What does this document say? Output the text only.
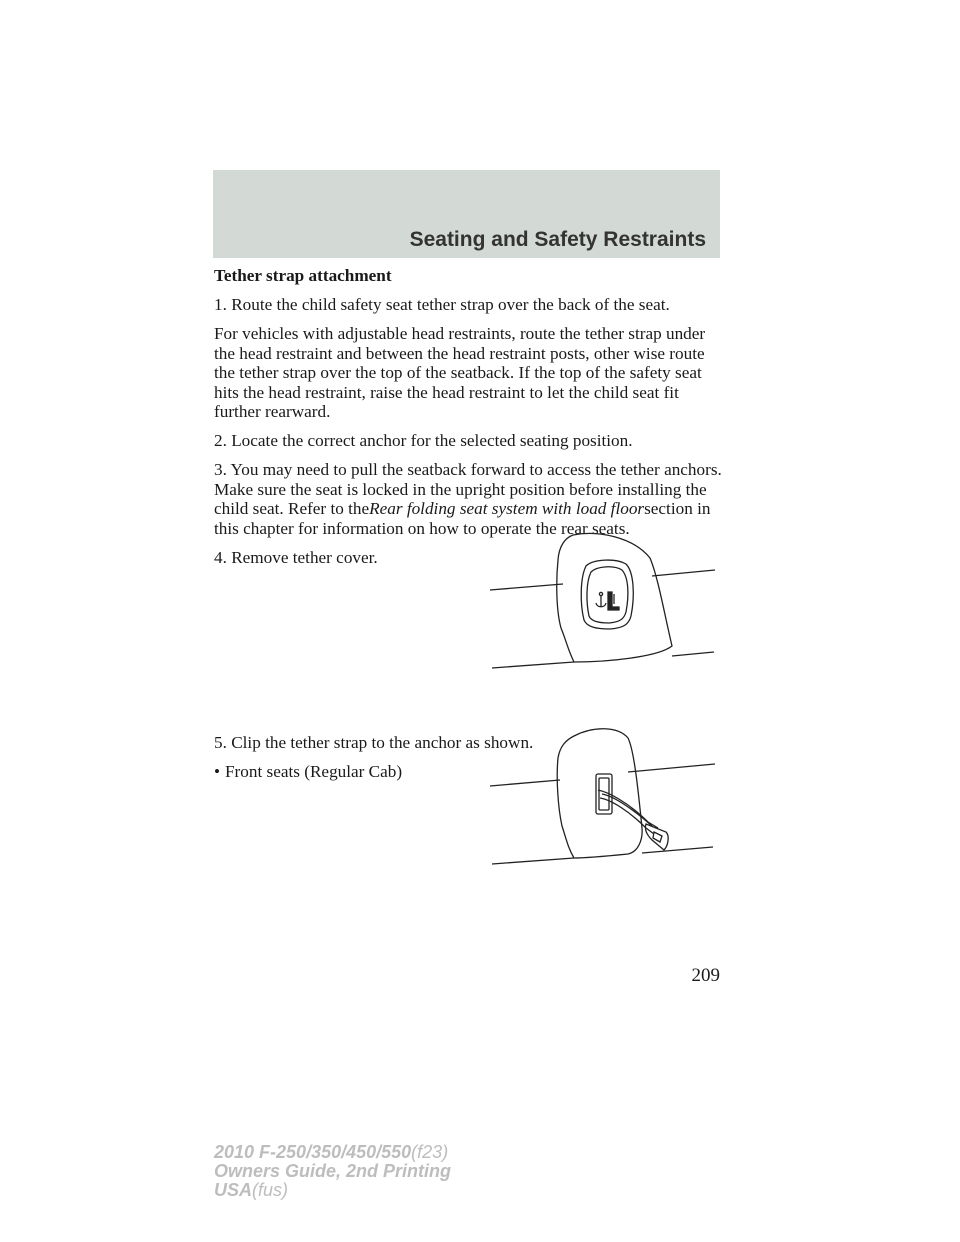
Seating and Safety Restraints
Tether strap attachment

1. Route the child safety seat tether strap over the back of the seat.

For vehicles with adjustable head restraints, route the tether strap under the head restraint and between the head restraint posts, other wise route the tether strap over the top of the seatback. If the top of the safety seat hits the head restraint, raise the head restraint to let the child seat fit further rearward.

2. Locate the correct anchor for the selected seating position.

3. You may need to pull the seatback forward to access the tether anchors. Make sure the seat is locked in the upright position before installing the child seat. Refer to theRear folding seat system with load floorsection in this chapter for information on how to operate the rear seats.

4. Remove tether cover.

5. Clip the tether strap to the anchor as shown.

• Front seats (Regular Cab)

209

2010 F-250/350/450/550(f23)
Owners Guide, 2nd Printing
USA(fus)
